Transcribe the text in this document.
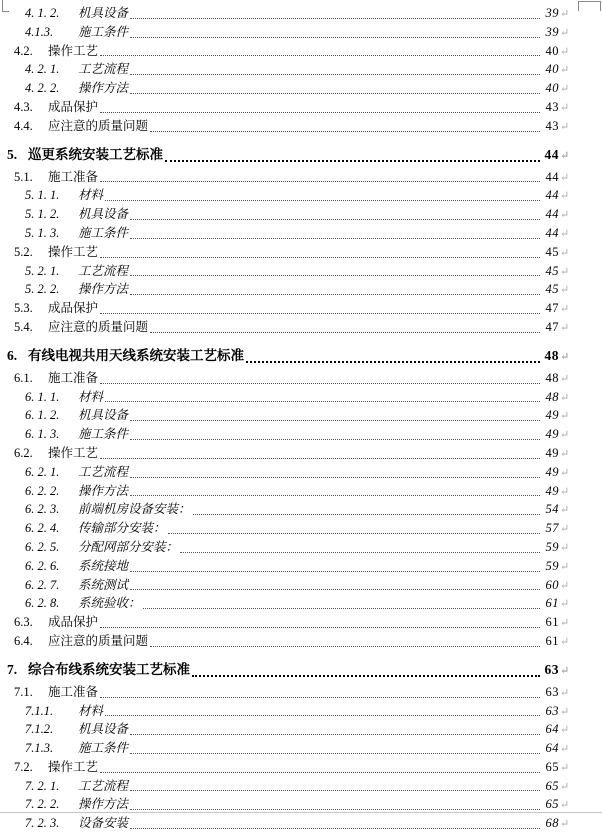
4. 1. 2.	机具设备	39 ↵
4.1.3.	施工条件	39 ↵
4.2.	操作工艺	40 ↵
4. 2. 1.	工艺流程	40 ↵
4. 2. 2.	操作方法	40 ↵
4.3.	成品保护	43 ↵
4.4.	应注意的质量问题	43 ↵
5. 巡更系统安装工艺标准	44 ↵
5.1.	施工准备	44 ↵
5. 1. 1.	材料	44 ↵
5. 1. 2.	机具设备	44 ↵
5. 1. 3.	施工条件	44 ↵
5.2.	操作工艺	45 ↵
5. 2. 1.	工艺流程	45 ↵
5. 2. 2.	操作方法	45 ↵
5.3.	成品保护	47 ↵
5.4.	应注意的质量问题	47 ↵
6. 有线电视共用天线系统安装工艺标准	48 ↵
6.1.	施工准备	48 ↵
6. 1. 1.	材料	48 ↵
6. 1. 2.	机具设备	49 ↵
6. 1. 3.	施工条件	49 ↵
6.2.	操作工艺	49 ↵
6. 2. 1.	工艺流程	49 ↵
6. 2. 2.	操作方法	49 ↵
6. 2. 3.	前端机房设备安装：	54 ↵
6. 2. 4.	传输部分安装：	57 ↵
6. 2. 5.	分配网部分安装：	59 ↵
6. 2. 6.	系统接地	59 ↵
6. 2. 7.	系统测试	60 ↵
6. 2. 8.	系统验收：	61 ↵
6.3.	成品保护	61 ↵
6.4.	应注意的质量问题	61 ↵
7. 综合布线系统安装工艺标准	63 ↵
7.1.	施工准备	63 ↵
7.1.1.	材料	63 ↵
7.1.2.	机具设备	64 ↵
7.1.3.	施工条件	64 ↵
7.2.	操作工艺	65 ↵
7. 2. 1.	工艺流程	65 ↵
7. 2. 2.	操作方法	65 ↵
7. 2. 3.	设备安装	68 ↵
